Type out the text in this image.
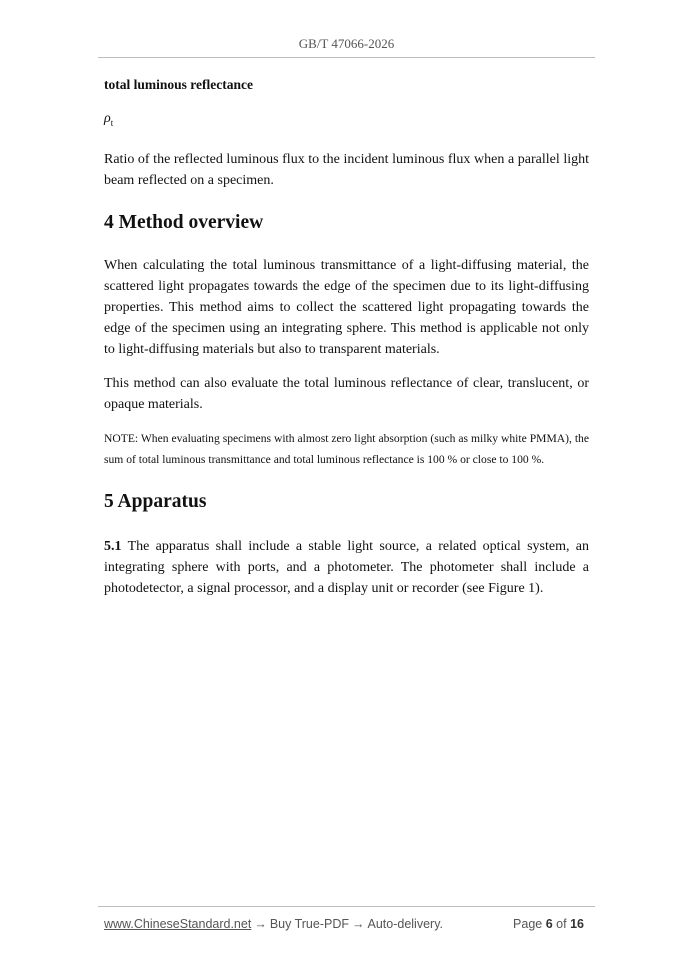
GB/T 47066-2026

total luminous reflectance

$\rho_t$

Ratio of the reflected luminous flux to the incident luminous flux when a parallel light beam reflected on a specimen.

4 Method overview

When calculating the total luminous transmittance of a light-diffusing material, the scattered light propagates towards the edge of the specimen due to its light-diffusing properties. This method aims to collect the scattered light propagating towards the edge of the specimen using an integrating sphere. This method is applicable not only to light-diffusing materials but also to transparent materials.

This method can also evaluate the total luminous reflectance of clear, translucent, or opaque materials.

NOTE: When evaluating specimens with almost zero light absorption (such as milky white PMMA), the sum of total luminous transmittance and total luminous reflectance is 100 % or close to 100 %.

5 Apparatus

5.1 The apparatus shall include a stable light source, a related optical system, an integrating sphere with ports, and a photometer. The photometer shall include a photodetector, a signal processor, and a display unit or recorder (see Figure 1).

www.ChineseStandard.net → Buy True-PDF → Auto-delivery.	Page 6 of 16
